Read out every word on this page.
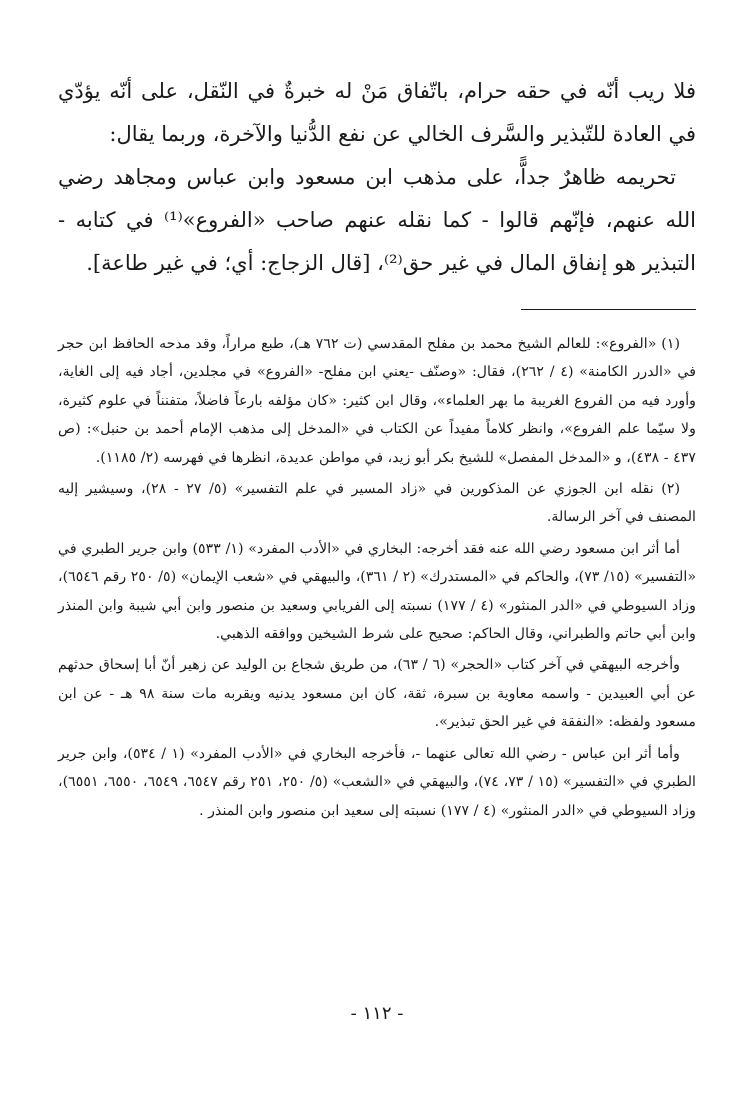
فلا ريب أنّه في حقه حرام، باتّفاق مَنْ له خبرةٌ في النّقل، على أنّه يؤدّي في العادة للتّبذير والسَّرف الخالي عن نفع الدُّنيا والآخرة، وربما يقال:

تحريمه ظاهرٌ جداًّ، على مذهب ابن مسعود وابن عباس ومجاهد رضي الله عنهم، فإنّهم قالوا - كما نقله عنهم صاحب «الفروع»⁽¹⁾ في كتابه - التبذير هو إنفاق المال في غير حق⁽²⁾، [قال الزجاج: أي؛ في غير طاعة].

(١) «الفروع»: للعالم الشيخ محمد بن مفلح المقدسي (ت ٧٦٢ هـ)، طبع مراراً، وقد مدحه الحافظ ابن حجر في «الدرر الكامنة» (٤ / ٢٦٢)، فقال: «وصنّف -يعني ابن مفلح- «الفروع» في مجلدين، أجاد فيه إلى الغاية، وأورد فيه من الفروع الغريبة ما بهر العلماء»، وقال ابن كثير: «كان مؤلفه بارعاً فاضلاً، متفنناً في علوم كثيرة، ولا سيّما علم الفروع»، وانظر كلاماً مفيداً عن الكتاب في «المدخل إلى مذهب الإمام أحمد بن حنبل»: (ص ٤٣٧ - ٤٣٨)، و «المدخل المفصل» للشيخ بكر أبو زيد، في مواطن عديدة، انظرها في فهرسه (٢/ ١١٨٥).

(٢) نقله ابن الجوزي عن المذكورين في «زاد المسير في علم التفسير» (٥/ ٢٧ - ٢٨)، وسيشير إليه المصنف في آخر الرسالة.

أما أثر ابن مسعود رضي الله عنه فقد أخرجه: البخاري في «الأدب المفرد» (١/ ٥٣٣) وابن جرير الطبري في «التفسير» (١٥/ ٧٣)، والحاكم في «المستدرك» (٢ / ٣٦١)، والبيهقي في «شعب الإيمان» (٥/ ٢٥٠ رقم ٦٥٤٦)، وزاد السيوطي في «الدر المنثور» (٤ / ١٧٧) نسبته إلى الفريابي وسعيد بن منصور وابن أبي شيبة وابن المنذر وابن أبي حاتم والطبراني، وقال الحاكم: صحيح على شرط الشيخين ووافقه الذهبي.

وأخرجه البيهقي في آخر كتاب «الحجر» (٦ / ٦٣)، من طريق شجاع بن الوليد عن زهير أنّ أبا إسحاق حدثهم عن أبي العبيدين - واسمه معاوية بن سبرة، ثقة، كان ابن مسعود يدنيه ويقربه مات سنة ٩٨ هـ - عن ابن مسعود ولفظه: «النفقة في غير الحق تبذير».

وأما أثر ابن عباس - رضي الله تعالى عنهما -، فأخرجه البخاري في «الأدب المفرد» (١ / ٥٣٤)، وابن جرير الطبري في «التفسير» (١٥ / ٧٣، ٧٤)، والبيهقي في «الشعب» (٥/ ٢٥٠، ٢٥١ رقم ٦٥٤٧، ٦٥٤٩، ٦٥٥٠، ٦٥٥١)، وزاد السيوطي في «الدر المنثور» (٤ / ١٧٧) نسبته إلى سعيد ابن منصور وابن المنذر .

- ١١٢ -
